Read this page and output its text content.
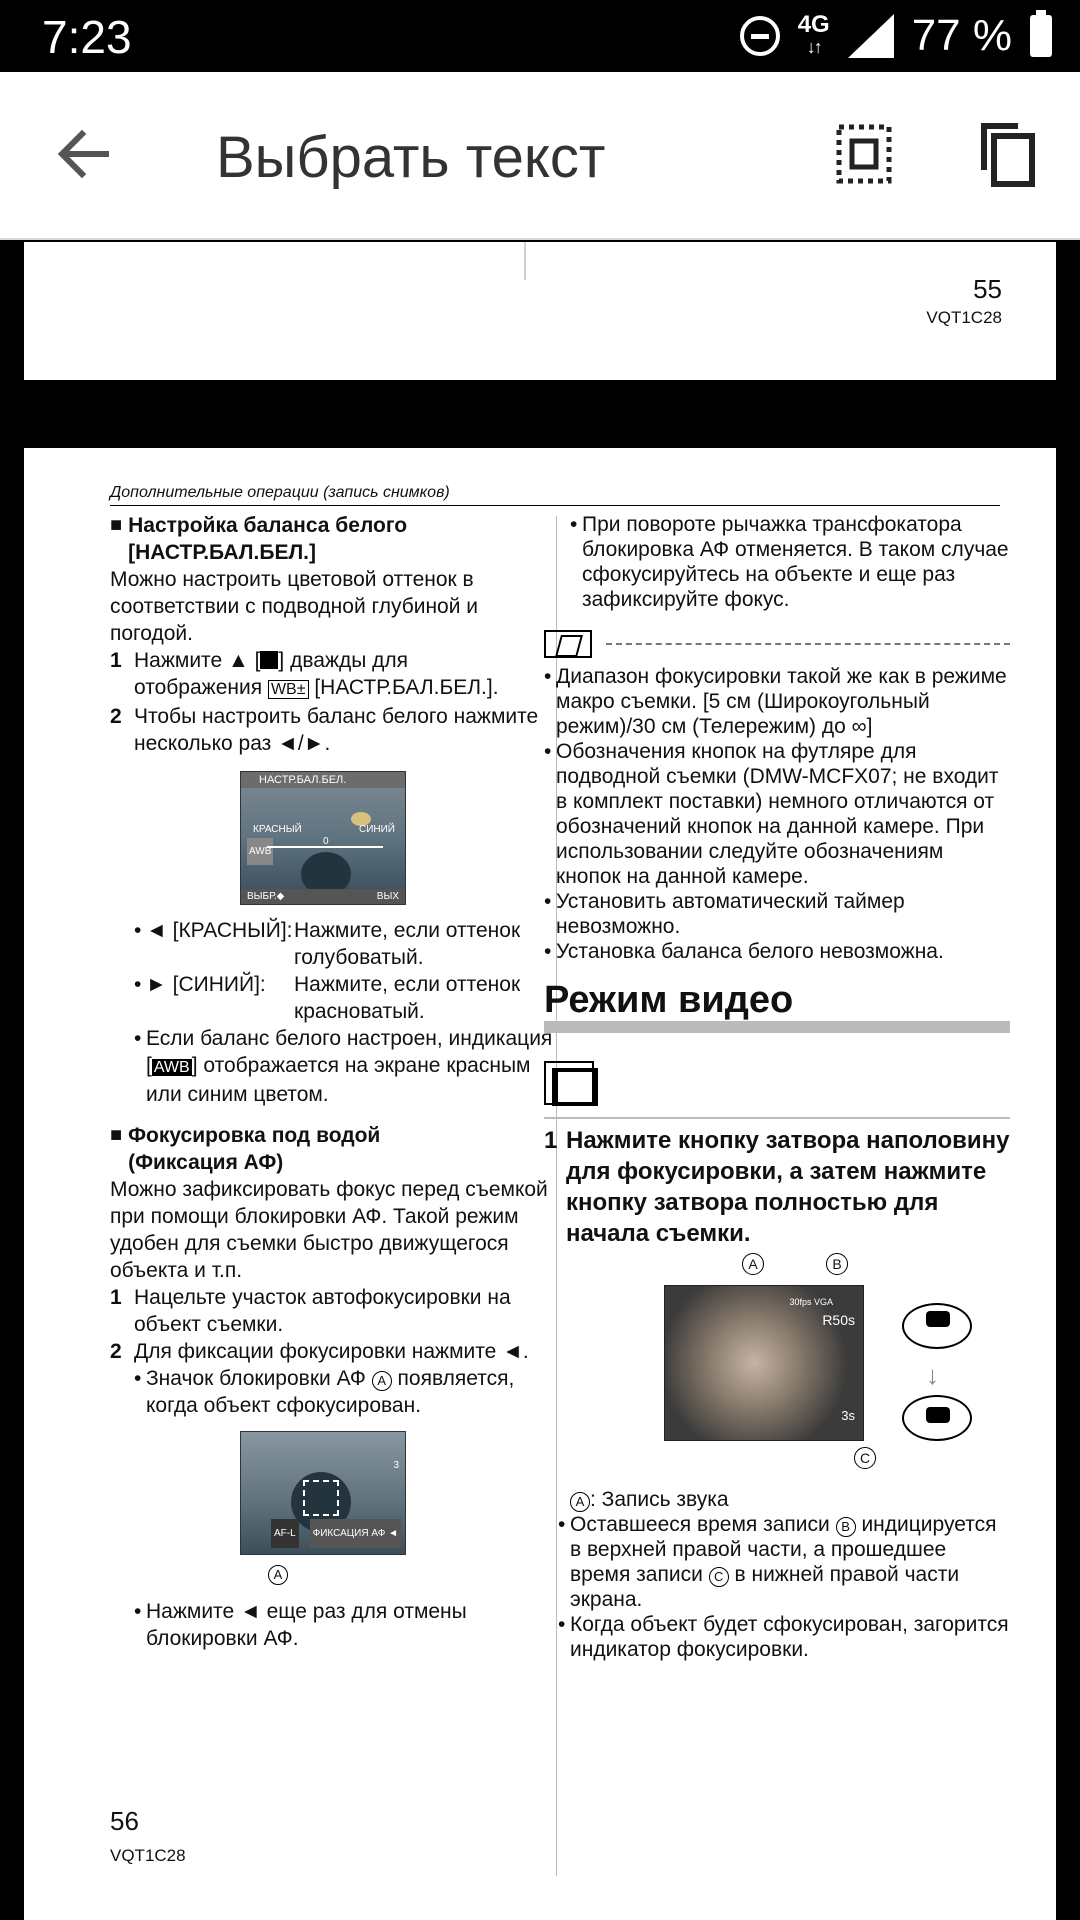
7:23	4G
↓↑ 77 %
Выбрать текст
55
VQT1C28
Дополнительные операции (запись снимков)
■ Настройка баланса белого
[НАСТР.БАЛ.БЕЛ.]
Можно настроить цветовой оттенок в соответствии с подводной глубиной и погодой.
1 Нажмите ▲ [ ] дважды для
отображения WB± [НАСТР.БАЛ.БЕЛ.].
2 Чтобы настроить баланс белого нажмите несколько раз ◄/►.
НАСТР.БАЛ.БЕЛ.
КРАСНЫЙ	СИНИЙ
0
AWB
ВЫБР.◆	ВЫХ
• ◄ [КРАСНЫЙ]: Нажмите, если оттенок голубоватый.
• ► [СИНИЙ]: Нажмите, если оттенок красноватый.
• Если баланс белого настроен, индикация [ AWB] отображается на экране красным или синим цветом.
■ Фокусировка под водой
(Фиксация АФ)
Можно зафиксировать фокус перед съемкой при помощи блокировки АФ. Такой режим удобен для съемки быстро движущегося объекта и т.п.
1 Нацельте участок автофокусировки на объект съемки.
2 Для фиксации фокусировки нажмите ◄.
• Значок блокировки АФ A появляется, когда объект сфокусирован.
3
AF-L	ФИКСАЦИЯ АФ ◄
A
• Нажмите ◄ еще раз для отмены блокировки АФ.
• При повороте рычажка трансфокатора блокировка АФ отменяется. В таком случае сфокусируйтесь на объекте и еще раз зафиксируйте фокус.
• Диапазон фокусировки такой же как в режиме макро съемки. [5 см (Широкоугольный режим)/30 см (Телережим) до ∞]
• Обозначения кнопок на футляре для подводной съемки (DMW-MCFX07; не входит в комплект поставки) немного отличаются от обозначений кнопок на данной камере. При использовании следуйте обозначениям кнопок на данной камере.
• Установить автоматический таймер невозможно.
• Установка баланса белого невозможна.
Режим видео
1 Нажмите кнопку затвора наполовину для фокусировки, а затем нажмите кнопку затвора полностью для начала съемки.
A	B
30fps VGA
R50s
3s
C
↓
A : Запись звука
• Оставшееся время записи B индицируется в верхней правой части, а прошедшее время записи C в нижней правой части экрана.
• Когда объект будет сфокусирован, загорится индикатор фокусировки.
56
VQT1C28
